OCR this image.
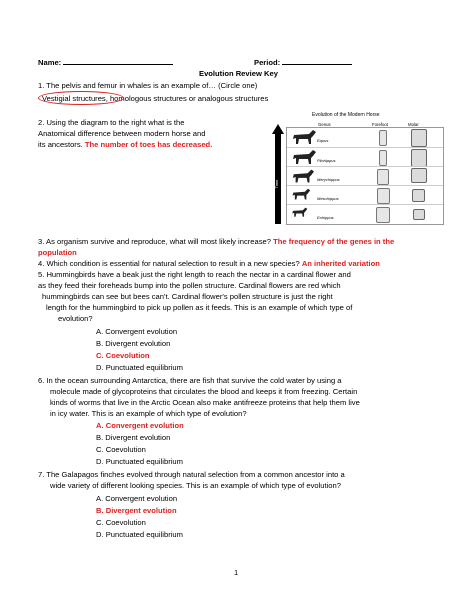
Name:	Period:
Evolution Review Key
1. The pelvis and femur in whales is an example of… (Circle one)
Vestigial structures, homologous structures or analogous structures
2. Using the diagram to the right what is the
Anatomical difference between modern horse and
its ancestors. The number of toes has decreased.
Evolution of the Modern Horse
Time
Genus	Forefoot	Molar
Equus
Pliohippus
Merychippus
Mesohippus
Eohippus
3. As organism survive and reproduce, what will most likely increase? The frequency of the genes in the
population
4. Which condition is essential for natural selection to result in a new species? An inherited variation
5. Hummingbirds have a beak just the right length to reach the nectar in a cardinal flower and
as they feed their foreheads bump into the pollen structure. Cardinal flowers are red which
hummingbirds can see but bees can't. Cardinal flower's pollen structure is just the right
length for the hummingbird to pick up pollen as it feeds. This is an example of which type of
evolution?
A. Convergent evolution
B. Divergent evolution
C. Coevolution
D. Punctuated equilibrium
6. In the ocean surrounding Antarctica, there are fish that survive the cold water by using a
molecule made of glycoproteins that circulates the blood and keeps it from freezing. Certain
kinds of worms that live in the Arctic Ocean also make antifreeze proteins that help them live
in icy water. This is an example of which type of evolution?
A. Convergent evolution
B. Divergent evolution
C. Coevolution
D. Punctuated equilibrium
7. The Galapagos finches evolved through natural selection from a common ancestor into a
wide variety of different looking species. This is an example of which type of evolution?
A. Convergent evolution
B. Divergent evolution
C. Coevolution
D. Punctuated equilibrium
1
